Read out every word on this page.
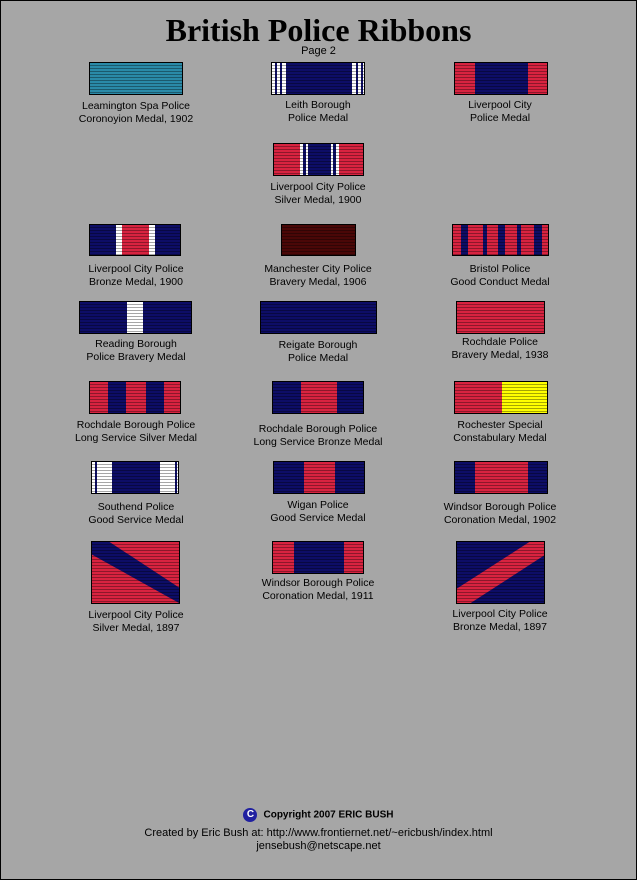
British Police Ribbons
Page 2
Leamington Spa Police
Coronoyion Medal, 1902
Leith Borough
Police Medal
Liverpool City
Police Medal
Liverpool City Police
Silver Medal, 1900
Liverpool City Police
Bronze Medal, 1900
Manchester City Police
Bravery Medal, 1906
Bristol Police
Good Conduct Medal
Reading Borough
Police Bravery Medal
Reigate Borough
Police Medal
Rochdale Police
Bravery Medal, 1938
Rochdale Borough Police
Long Service Silver Medal
Rochdale Borough Police
Long Service Bronze Medal
Rochester Special
Constabulary Medal
Southend Police
Good Service Medal
Wigan Police
Good Service Medal
Windsor Borough Police
Coronation Medal, 1902
Liverpool City Police
Silver Medal, 1897
Windsor Borough Police
Coronation Medal, 1911
Liverpool City Police
Bronze Medal, 1897
C Copyright 2007 ERIC BUSH
Created by Eric Bush at: http://www.frontiernet.net/~ericbush/index.html
jensebush@netscape.net
